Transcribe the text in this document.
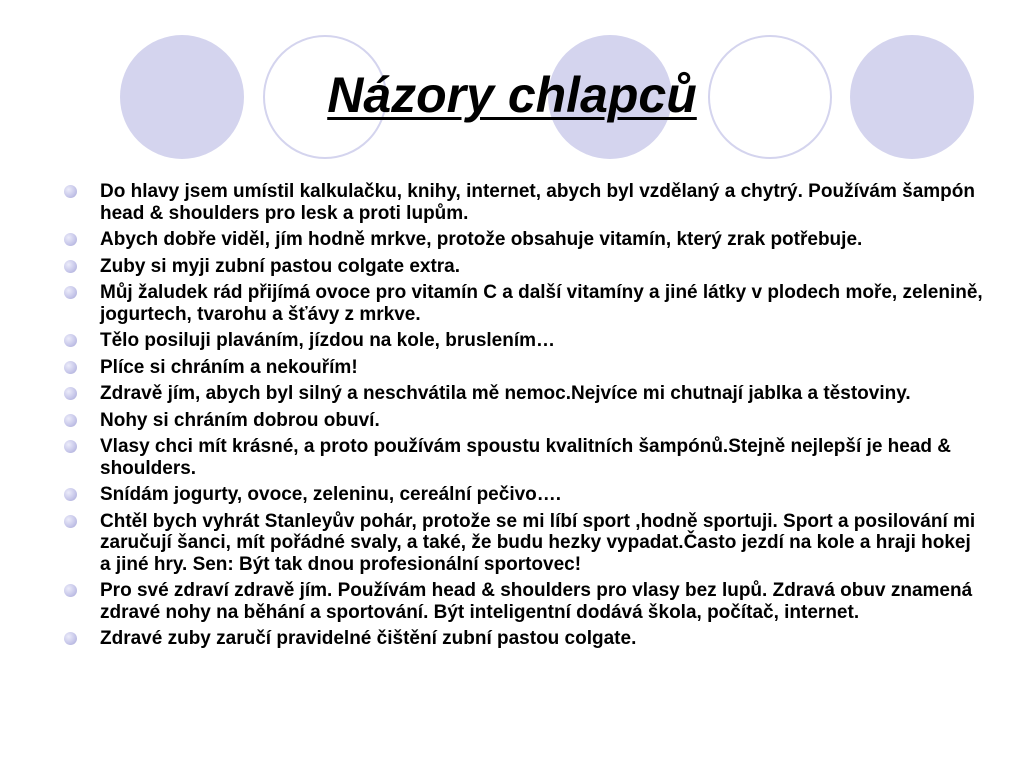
Názory chlapců
Do hlavy jsem umístil kalkulačku, knihy, internet, abych byl vzdělaný a chytrý. Používám šampón head & shoulders pro lesk a proti lupům.
Abych dobře viděl, jím hodně mrkve, protože obsahuje vitamín, který zrak potřebuje.
Zuby si myji zubní pastou colgate extra.
Můj žaludek rád přijímá ovoce pro vitamín C a další vitamíny a jiné látky v plodech moře, zelenině, jogurtech, tvarohu a šťávy z mrkve.
Tělo posiluji plaváním, jízdou na kole, bruslením…
Plíce si chráním a nekouřím!
Zdravě jím, abych byl silný a neschvátila mě nemoc.Nejvíce mi chutnají jablka a těstoviny.
Nohy si chráním dobrou obuví.
Vlasy chci mít krásné, a proto používám spoustu kvalitních šampónů.Stejně nejlepší je head & shoulders.
Snídám jogurty, ovoce, zeleninu, cereální pečivo….
Chtěl bych vyhrát Stanleyův pohár, protože se mi líbí sport ,hodně sportuji. Sport a posilování mi zaručují šanci, mít pořádné svaly, a také, že budu hezky vypadat.Často jezdí na kole a hraji hokej a jiné hry. Sen: Být tak dnou profesionální sportovec!
Pro své zdraví zdravě jím. Používám head & shoulders pro vlasy bez lupů. Zdravá obuv znamená zdravé nohy na běhání a sportování. Být inteligentní dodává škola, počítač, internet.
Zdravé zuby zaručí pravidelné čištění zubní pastou colgate.
